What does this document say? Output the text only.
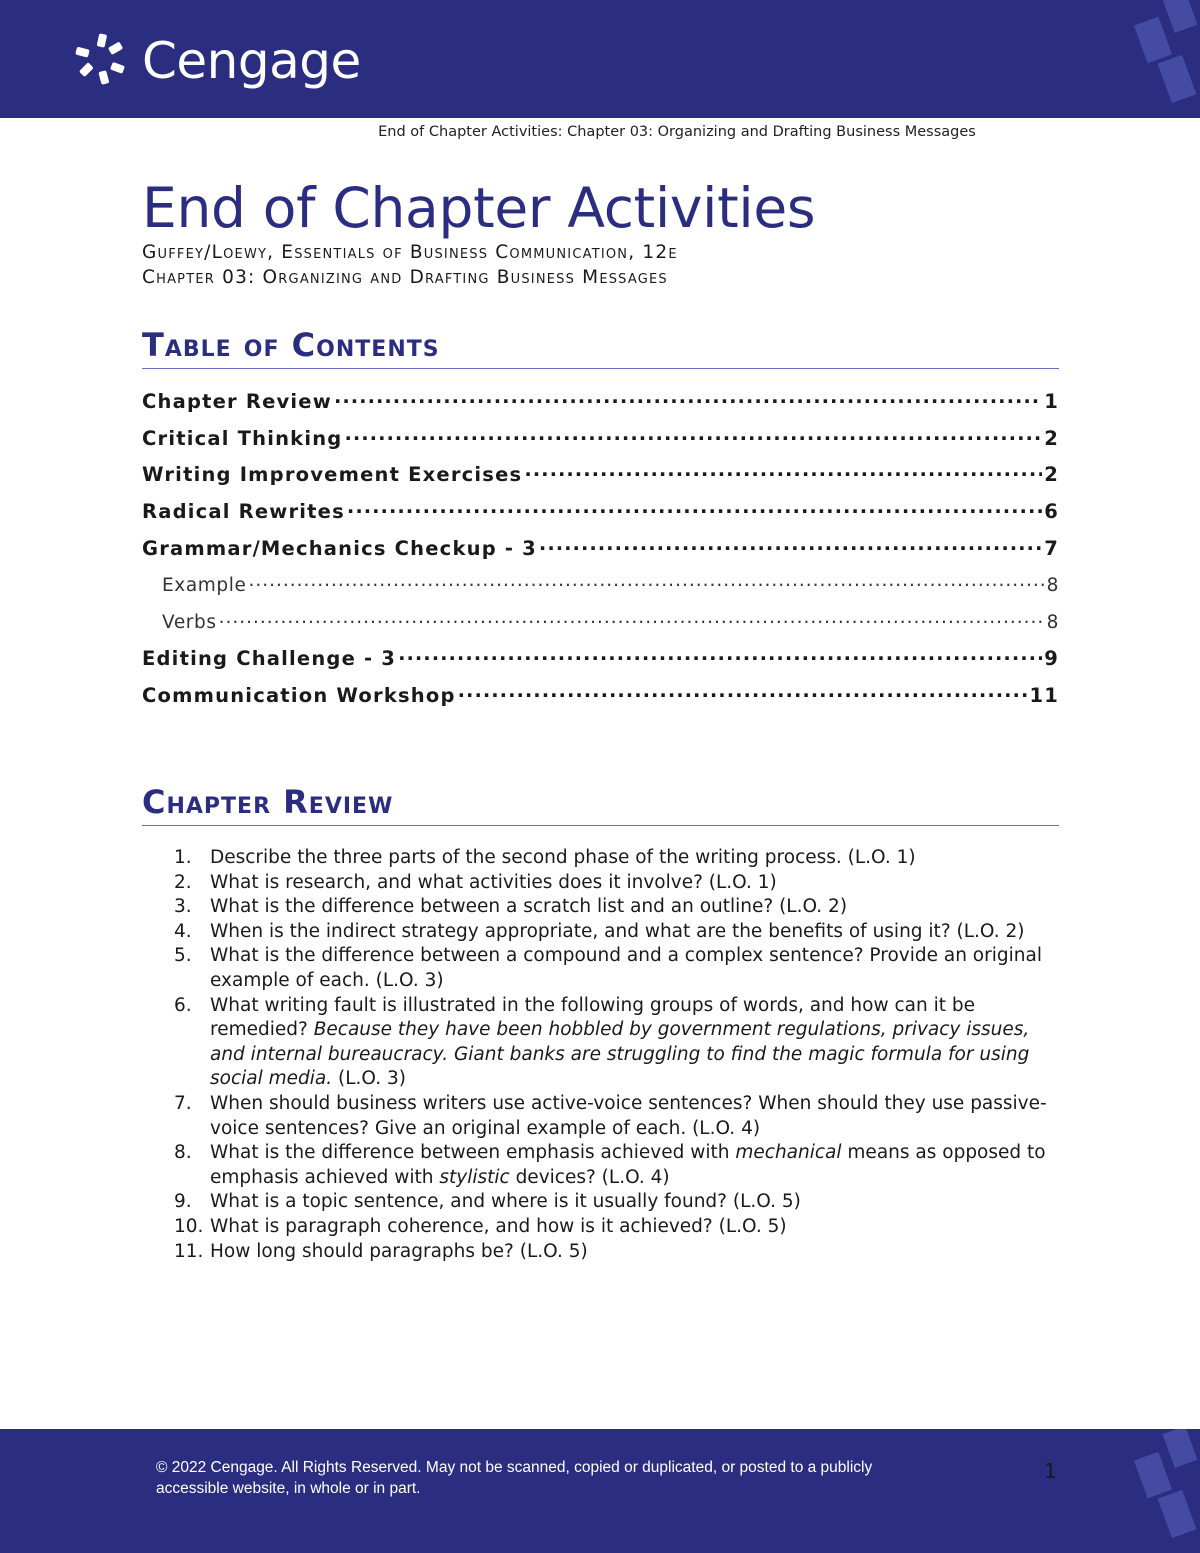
Cengage
End of Chapter Activities: Chapter 03: Organizing and Drafting Business Messages
End of Chapter Activities
Guffey/Loewy, Essentials of Business Communication, 12e
Chapter 03: Organizing and Drafting Business Messages
Table of Contents
Chapter Review .....	1
Critical Thinking .....	2
Writing Improvement Exercises .....	2
Radical Rewrites .....	6
Grammar/Mechanics Checkup - 3 .....	7
Example .....	8
Verbs .....	8
Editing Challenge - 3 .....	9
Communication Workshop .....	11
Chapter Review
1. Describe the three parts of the second phase of the writing process. (L.O. 1)
2. What is research, and what activities does it involve? (L.O. 1)
3. What is the difference between a scratch list and an outline? (L.O. 2)
4. When is the indirect strategy appropriate, and what are the benefits of using it? (L.O. 2)
5. What is the difference between a compound and a complex sentence? Provide an original example of each. (L.O. 3)
6. What writing fault is illustrated in the following groups of words, and how can it be remedied? Because they have been hobbled by government regulations, privacy issues, and internal bureaucracy. Giant banks are struggling to find the magic formula for using social media. (L.O. 3)
7. When should business writers use active-voice sentences? When should they use passive-voice sentences? Give an original example of each. (L.O. 4)
8. What is the difference between emphasis achieved with mechanical means as opposed to emphasis achieved with stylistic devices? (L.O. 4)
9. What is a topic sentence, and where is it usually found? (L.O. 5)
10. What is paragraph coherence, and how is it achieved? (L.O. 5)
11. How long should paragraphs be? (L.O. 5)
© 2022 Cengage. All Rights Reserved. May not be scanned, copied or duplicated, or posted to a publicly accessible website, in whole or in part.
1
